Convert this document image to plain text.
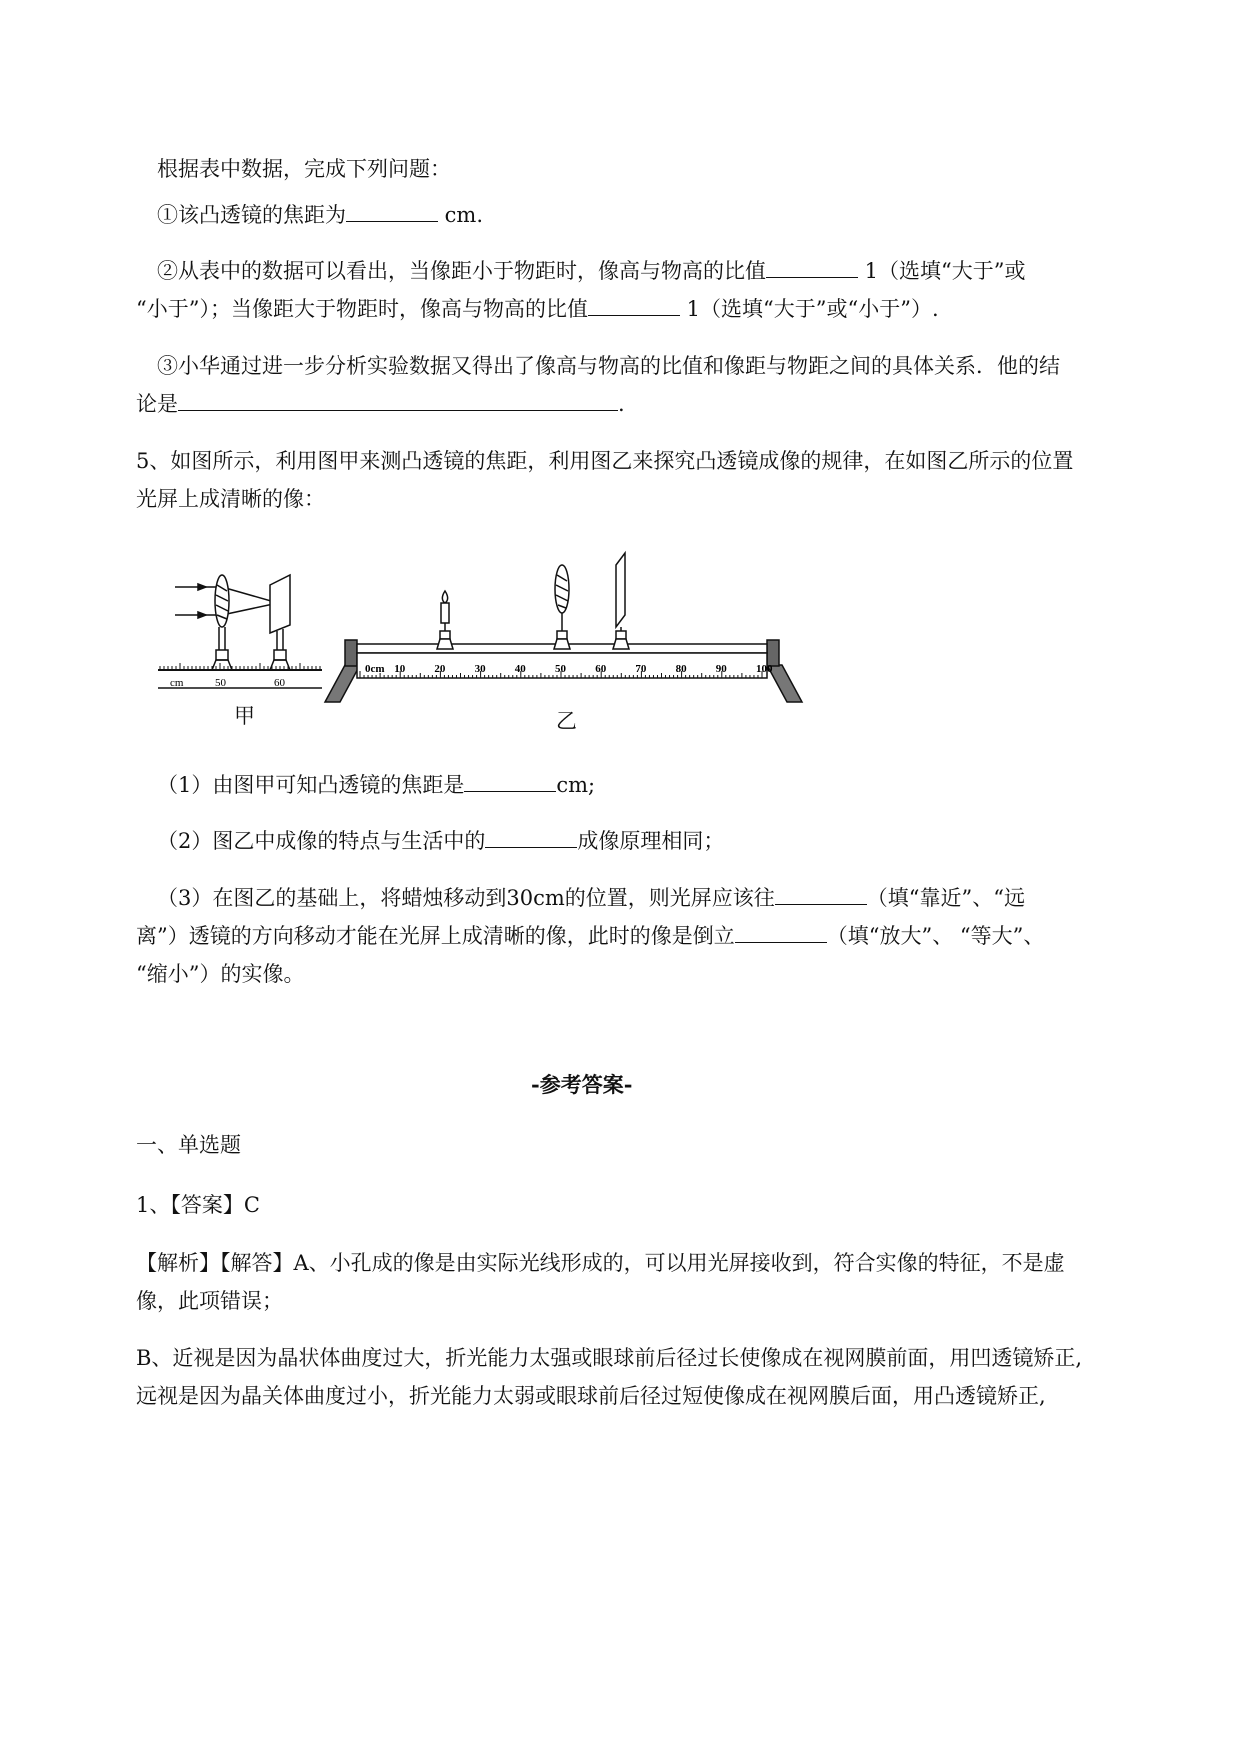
根据表中数据，完成下列问题：
①该凸透镜的焦距为	cm.
②从表中的数据可以看出，当像距小于物距时，像高与物高的比值	1（选填“大于”或
“小于”）；当像距大于物距时，像高与物高的比值	1（选填“大于”或“小于”）.
③小华通过进一步分析实验数据又得出了像高与物高的比值和像距与物距之间的具体关系．他的结
论是	.
5、如图所示，利用图甲来测凸透镜的焦距，利用图乙来探究凸透镜成像的规律，在如图乙所示的位置
光屏上成清晰的像：
cm	50	60
0cm 10	20	30	40	50	60	70	80	90	100
甲	乙
（1）由图甲可知凸透镜的焦距是	cm;
（2）图乙中成像的特点与生活中的	成像原理相同；
（3）在图乙的基础上，将蜡烛移动到30cm的位置，则光屏应该往	（填“靠近”、“远
离”）透镜的方向移动才能在光屏上成清晰的像，此时的像是倒立	（填“放大”、 “等大”、
“缩小”）的实像。
-参考答案-
一、单选题
1、【答案】C
【解析】【解答】A、小孔成的像是由实际光线形成的，可以用光屏接收到，符合实像的特征，不是虚
像，此项错误；
B、近视是因为晶状体曲度过大，折光能力太强或眼球前后径过长使像成在视网膜前面，用凹透镜矫正,
远视是因为晶关体曲度过小，折光能力太弱或眼球前后径过短使像成在视网膜后面，用凸透镜矫正,
